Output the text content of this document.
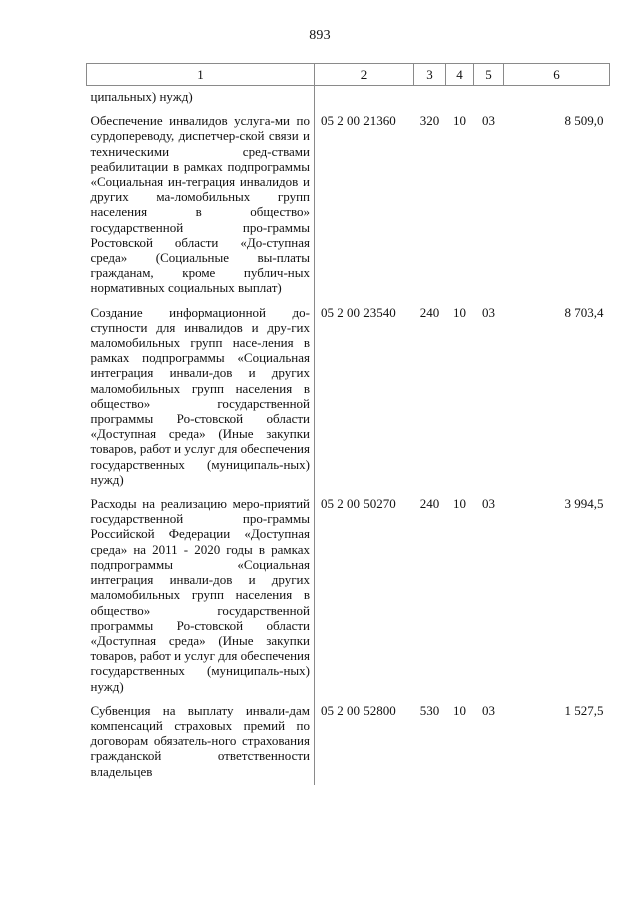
893
1	2	3	4	5	6
ципальных) нужд)					
Обеспечение инвалидов услуга-ми по сурдопереводу, диспетчер-ской связи и техническими сред-ствами реабилитации в рамках подпрограммы «Социальная ин-теграция инвалидов и других ма-ломобильных групп населения в общество» государственной про-граммы Ростовской области «До-ступная среда» (Социальные вы-платы гражданам, кроме публич-ных нормативных социальных выплат)	05 2 00 21360	320	10	03	8 509,0
Создание информационной до-ступности для инвалидов и дру-гих маломобильных групп насе-ления в рамках подпрограммы «Социальная интеграция инвали-дов и других маломобильных групп населения в общество» государственной программы Ро-стовской области «Доступная среда» (Иные закупки товаров, работ и услуг для обеспечения государственных (муниципаль-ных) нужд)	05 2 00 23540	240	10	03	8 703,4
Расходы на реализацию меро-приятий государственной про-граммы Российской Федерации «Доступная среда» на 2011 - 2020 годы в рамках подпрограммы «Социальная интеграция инвали-дов и других маломобильных групп населения в общество» государственной программы Ро-стовской области «Доступная среда» (Иные закупки товаров, работ и услуг для обеспечения государственных (муниципаль-ных) нужд)	05 2 00 50270	240	10	03	3 994,5
Субвенция на выплату инвали-дам компенсаций страховых премий по договорам обязатель-ного страхования гражданской ответственности владельцев	05 2 00 52800	530	10	03	1 527,5
